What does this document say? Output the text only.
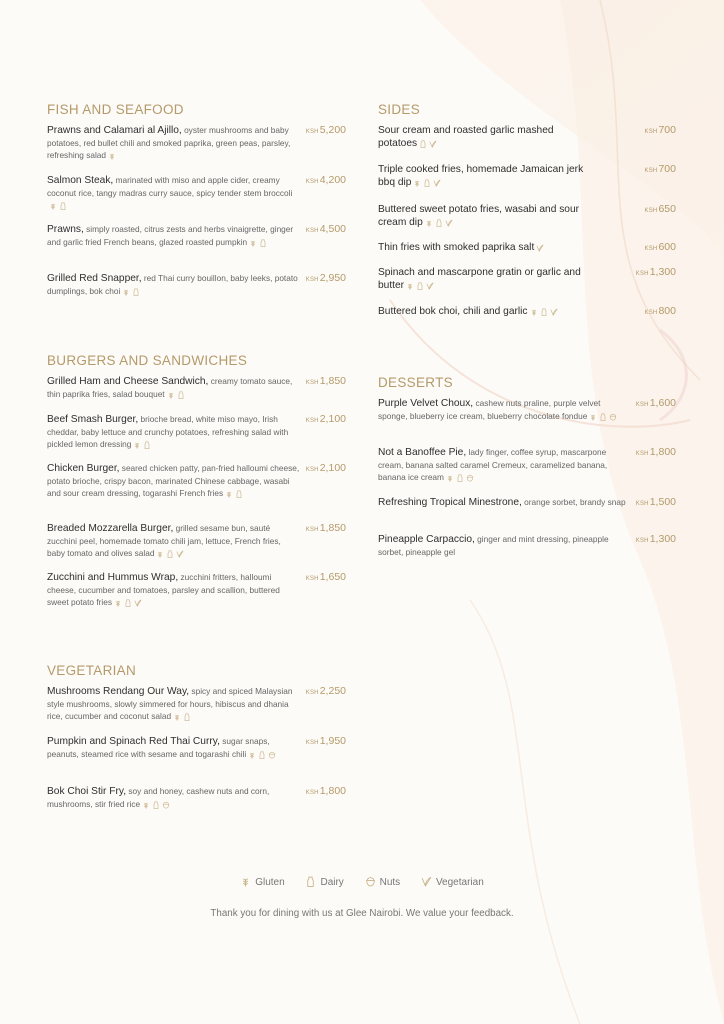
FISH AND SEAFOOD
Prawns and Calamari al Ajillo, oyster mushrooms and baby potatoes, red bullet chili and smoked paprika, green peas, parsley, refreshing salad
KSH5,200
Salmon Steak, marinated with miso and apple cider, creamy coconut rice, tangy madras curry sauce, spicy tender stem broccoli
KSH4,200
Prawns, simply roasted, citrus zests and herbs vinaigrette, ginger and garlic fried French beans, glazed roasted pumpkin
KSH4,500
Grilled Red Snapper, red Thai curry bouillon, baby leeks, potato dumplings, bok choi
KSH2,950
BURGERS AND SANDWICHES
Grilled Ham and Cheese Sandwich, creamy tomato sauce, thin paprika fries, salad bouquet
KSH1,850
Beef Smash Burger, brioche bread, white miso mayo, Irish cheddar, baby lettuce and crunchy potatoes, refreshing salad with pickled lemon dressing
KSH2,100
Chicken Burger, seared chicken patty, pan-fried halloumi cheese, potato brioche, crispy bacon, marinated Chinese cabbage, wasabi and sour cream dressing, togarashi French fries
KSH2,100
Breaded Mozzarella Burger, grilled sesame bun, sauté zucchini peel, homemade tomato chili jam, lettuce, French fries, baby tomato and olives salad
KSH1,850
Zucchini and Hummus Wrap, zucchini fritters, halloumi cheese, cucumber and tomatoes, parsley and scallion, buttered sweet potato fries
KSH1,650
VEGETARIAN
Mushrooms Rendang Our Way, spicy and spiced Malaysian style mushrooms, slowly simmered for hours, hibiscus and dhania rice, cucumber and coconut salad
KSH2,250
Pumpkin and Spinach Red Thai Curry, sugar snaps, peanuts, steamed rice with sesame and togarashi chili
KSH1,950
Bok Choi Stir Fry, soy and honey, cashew nuts and corn, mushrooms, stir fried rice
KSH1,800
SIDES
Sour cream and roasted garlic mashed potatoes
KSH700
Triple cooked fries, homemade Jamaican jerk bbq dip
KSH700
Buttered sweet potato fries, wasabi and sour cream dip
KSH650
Thin fries with smoked paprika salt	KSH600
Spinach and mascarpone gratin or garlic and butter
KSH1,300
Buttered bok choi, chili and garlic	KSH800
DESSERTS
Purple Velvet Choux, cashew nuts praline, purple velvet sponge, blueberry ice cream, blueberry chocolate fondue
KSH1,600
Not a Banoffee Pie, lady finger, coffee syrup, mascarpone cream, banana salted caramel Cremeux, caramelized banana, banana ice cream
KSH1,800
Refreshing Tropical Minestrone, orange sorbet, brandy snap	KSH1,500
Pineapple Carpaccio, ginger and mint dressing, pineapple sorbet, pineapple gel
KSH1,300
Gluten	Dairy	Nuts	Vegetarian
Thank you for dining with us at Glee Nairobi. We value your feedback.
